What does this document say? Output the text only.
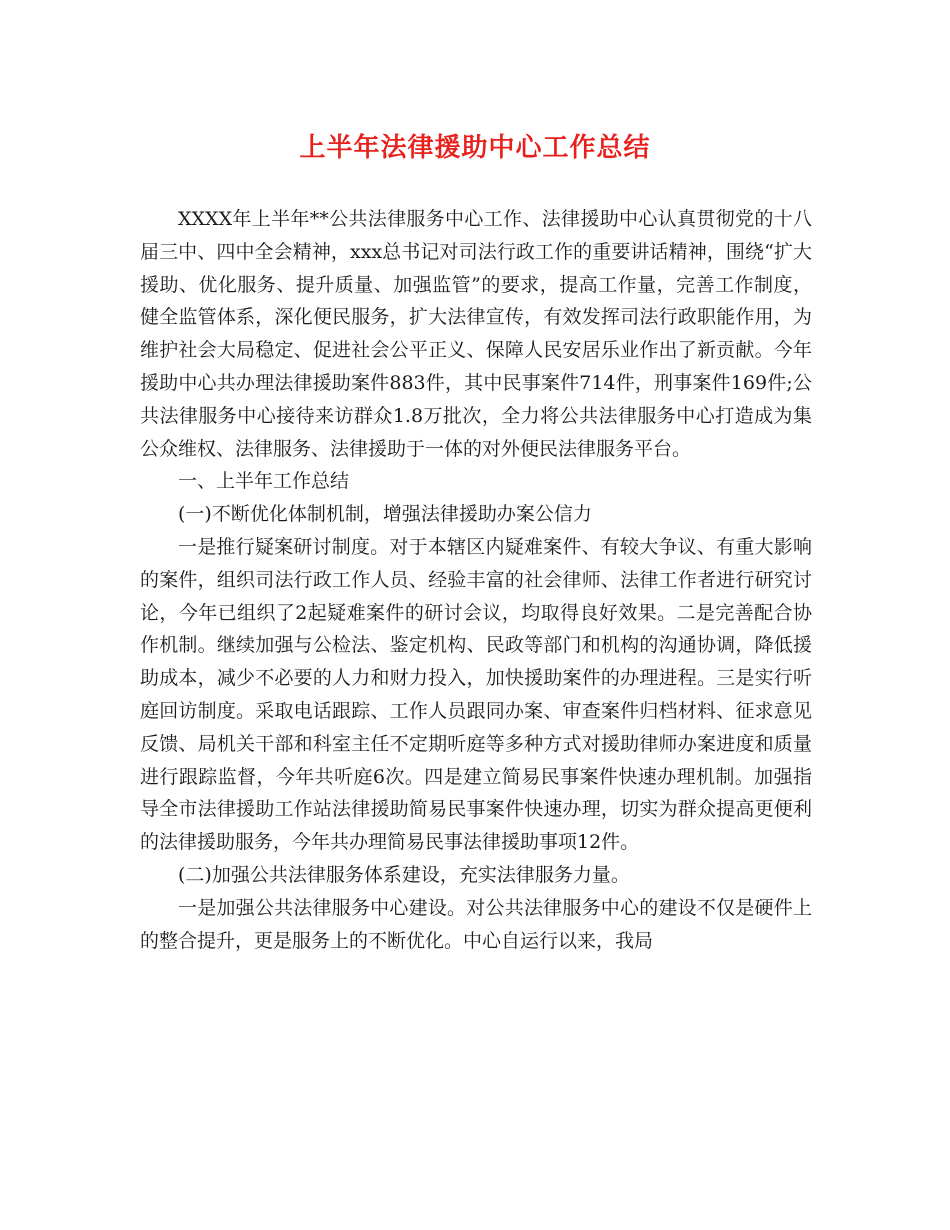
上半年法律援助中心工作总结

XXXX年上半年**公共法律服务中心工作、法律援助中心认真贯彻党的十八届三中、四中全会精神，xxx总书记对司法行政工作的重要讲话精神，围绕“扩大援助、优化服务、提升质量、加强监管”的要求，提高工作量，完善工作制度，健全监管体系，深化便民服务，扩大法律宣传，有效发挥司法行政职能作用，为维护社会大局稳定、促进社会公平正义、保障人民安居乐业作出了新贡献。今年援助中心共办理法律援助案件883件，其中民事案件714件，刑事案件169件;公共法律服务中心接待来访群众1.8万批次，全力将公共法律服务中心打造成为集公众维权、法律服务、法律援助于一体的对外便民法律服务平台。

一、上半年工作总结

(一)不断优化体制机制，增强法律援助办案公信力

一是推行疑案研讨制度。对于本辖区内疑难案件、有较大争议、有重大影响的案件，组织司法行政工作人员、经验丰富的社会律师、法律工作者进行研究讨论，今年已组织了2起疑难案件的研讨会议，均取得良好效果。二是完善配合协作机制。继续加强与公检法、鉴定机构、民政等部门和机构的沟通协调，降低援助成本，减少不必要的人力和财力投入，加快援助案件的办理进程。三是实行听庭回访制度。采取电话跟踪、工作人员跟同办案、审查案件归档材料、征求意见反馈、局机关干部和科室主任不定期听庭等多种方式对援助律师办案进度和质量进行跟踪监督，今年共听庭6次。四是建立简易民事案件快速办理机制。加强指导全市法律援助工作站法律援助简易民事案件快速办理，切实为群众提高更便利的法律援助服务，今年共办理简易民事法律援助事项12件。

(二)加强公共法律服务体系建设，充实法律服务力量。

一是加强公共法律服务中心建设。对公共法律服务中心的建设不仅是硬件上的整合提升，更是服务上的不断优化。中心自运行以来，我局
